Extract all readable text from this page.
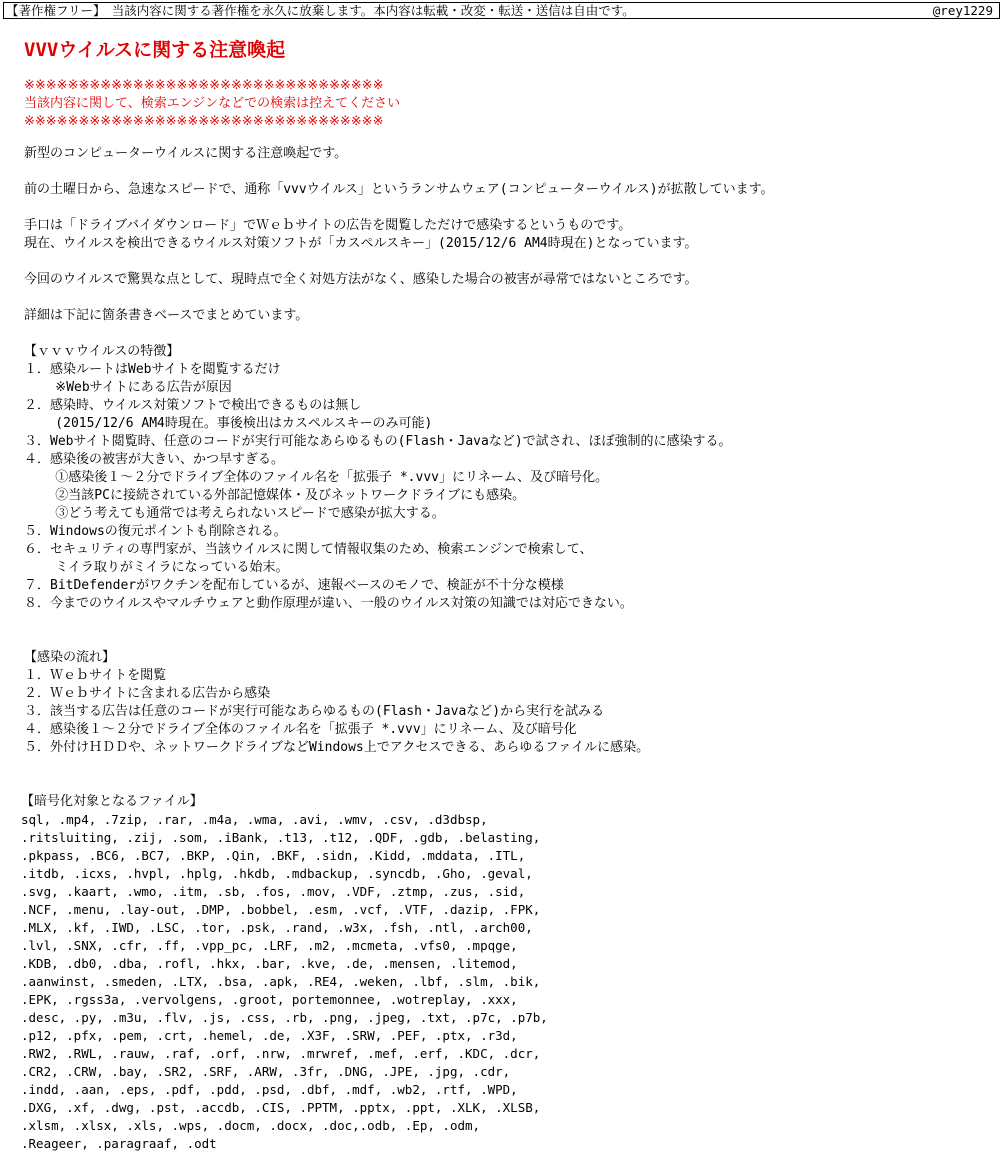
【著作権フリー】　当該内容に関する著作権を永久に放棄します。本内容は転載・改変・転送・送信は自由です。	@rey1229
VVVウイルスに関する注意喚起
※※※※※※※※※※※※※※※※※※※※※※※※※※※※※※※※※
当該内容に関して、検索エンジンなどでの検索は控えてください
※※※※※※※※※※※※※※※※※※※※※※※※※※※※※※※※※
新型のコンピューターウイルスに関する注意喚起です。
前の土曜日から、急速なスピードで、通称「vvvウイルス」というランサムウェア(コンピューターウイルス)が拡散しています。
手口は「ドライブバイダウンロード」でＷｅｂサイトの広告を閲覧しただけで感染するというものです。
現在、ウイルスを検出できるウイルス対策ソフトが「カスペルスキー」(2015/12/6 AM4時現在)となっています。
今回のウイルスで驚異な点として、現時点で全く対処方法がなく、感染した場合の被害が尋常ではないところです。
詳細は下記に箇条書きベースでまとめています。
【ｖｖｖウイルスの特徴】
１．感染ルートはWebサイトを閲覧するだけ
※Webサイトにある広告が原因
２．感染時、ウイルス対策ソフトで検出できるものは無し
(2015/12/6 AM4時現在。事後検出はカスペルスキーのみ可能)
３．Webサイト閲覧時、任意のコードが実行可能なあらゆるもの(Flash・Javaなど)で試され、ほぼ強制的に感染する。
４．感染後の被害が大きい、かつ早すぎる。
①感染後１～２分でドライブ全体のファイル名を「拡張子 *.vvv」にリネーム、及び暗号化。
②当該PCに接続されている外部記憶媒体・及びネットワークドライブにも感染。
③どう考えても通常では考えられないスピードで感染が拡大する。
５．Windowsの復元ポイントも削除される。
６．セキュリティの専門家が、当該ウイルスに関して情報収集のため、検索エンジンで検索して、
ミイラ取りがミイラになっている始末。
７．BitDefenderがワクチンを配布しているが、速報ベースのモノで、検証が不十分な模様
８．今までのウイルスやマルチウェアと動作原理が違い、一般のウイルス対策の知識では対応できない。
【感染の流れ】
１．Ｗｅｂサイトを閲覧
２．Ｗｅｂサイトに含まれる広告から感染
３．該当する広告は任意のコードが実行可能なあらゆるもの(Flash・Javaなど)から実行を試みる
４．感染後１～２分でドライブ全体のファイル名を「拡張子 *.vvv」にリネーム、及び暗号化
５．外付けＨＤＤや、ネットワークドライブなどWindows上でアクセスできる、あらゆるファイルに感染。
【暗号化対象となるファイル】
sql, .mp4, .7zip, .rar, .m4a, .wma, .avi, .wmv, .csv, .d3dbsp,
.ritsluiting, .zij, .som, .iBank, .t13, .t12, .QDF, .gdb, .belasting,
.pkpass, .BC6, .BC7, .BKP, .Qin, .BKF, .sidn, .Kidd, .mddata, .ITL,
.itdb, .icxs, .hvpl, .hplg, .hkdb, .mdbackup, .syncdb, .Gho, .geval,
.svg, .kaart, .wmo, .itm, .sb, .fos, .mov, .VDF, .ztmp, .zus, .sid,
.NCF, .menu, .lay-out, .DMP, .bobbel, .esm, .vcf, .VTF, .dazip, .FPK,
.MLX, .kf, .IWD, .LSC, .tor, .psk, .rand, .w3x, .fsh, .ntl, .arch00,
.lvl, .SNX, .cfr, .ff, .vpp_pc, .LRF, .m2, .mcmeta, .vfs0, .mpqge,
.KDB, .db0, .dba, .rofl, .hkx, .bar, .kve, .de, .mensen, .litemod,
.aanwinst, .smeden, .LTX, .bsa, .apk, .RE4, .weken, .lbf, .slm, .bik,
.EPK, .rgss3a, .vervolgens, .groot, portemonnee, .wotreplay, .xxx,
.desc, .py, .m3u, .flv, .js, .css, .rb, .png, .jpeg, .txt, .p7c, .p7b,
.p12, .pfx, .pem, .crt, .hemel, .de, .X3F, .SRW, .PEF, .ptx, .r3d,
.RW2, .RWL, .rauw, .raf, .orf, .nrw, .mrwref, .mef, .erf, .KDC, .dcr,
.CR2, .CRW, .bay, .SR2, .SRF, .ARW, .3fr, .DNG, .JPE, .jpg, .cdr,
.indd, .aan, .eps, .pdf, .pdd, .psd, .dbf, .mdf, .wb2, .rtf, .WPD,
.DXG, .xf, .dwg, .pst, .accdb, .CIS, .PPTM, .pptx, .ppt, .XLK, .XLSB,
.xlsm, .xlsx, .xls, .wps, .docm, .docx, .doc,.odb, .Ep, .odm,
.Reageer, .paragraaf, .odt
